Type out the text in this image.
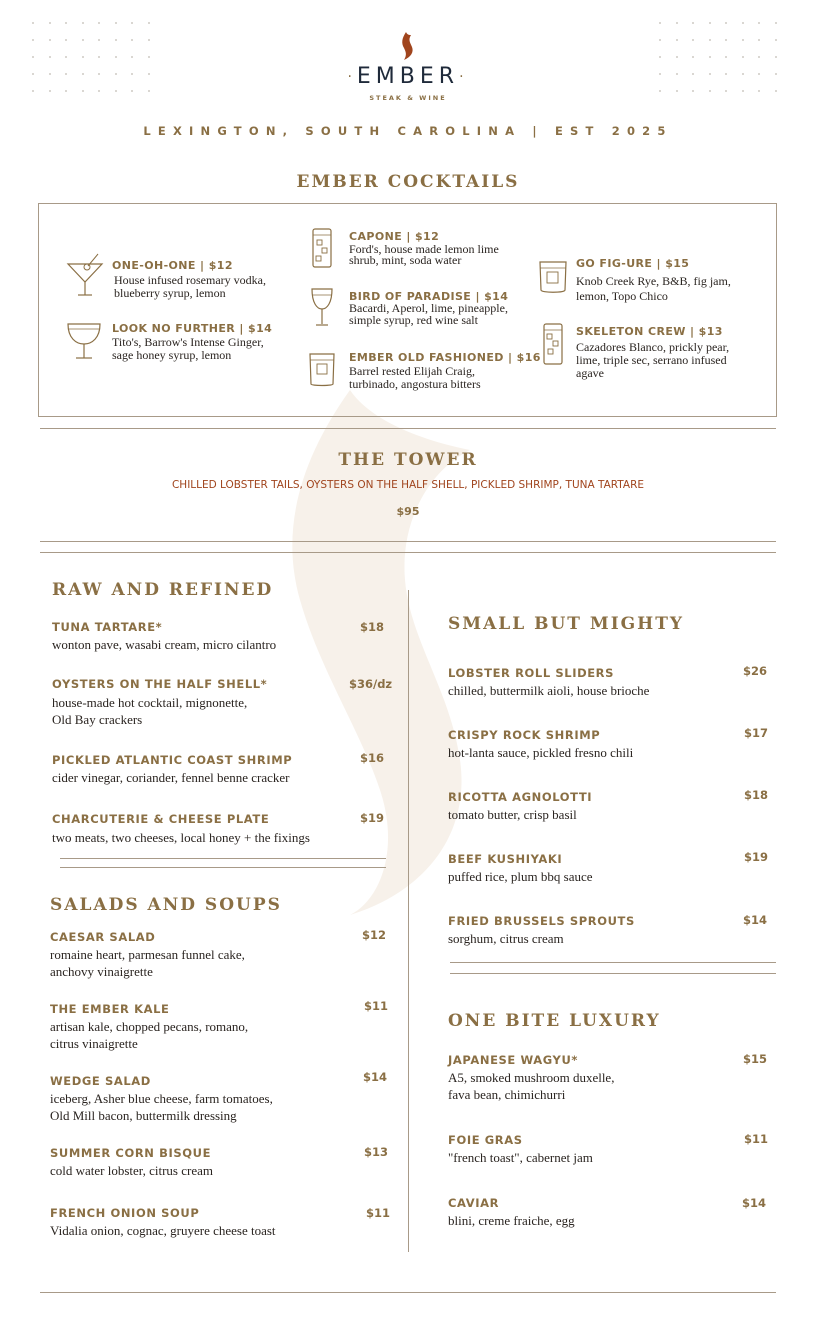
·EMBER·
STEAK & WINE
LEXINGTON, SOUTH CAROLINA | EST 2025
EMBER COCKTAILS
ONE-OH-ONE | $12
House infused rosemary vodka, blueberry syrup, lemon
LOOK NO FURTHER | $14
Tito's, Barrow's Intense Ginger, sage honey syrup, lemon
CAPONE | $12
Ford's, house made lemon lime shrub, mint, soda water
BIRD OF PARADISE | $14
Bacardi, Aperol, lime, pineapple, simple syrup, red wine salt
EMBER OLD FASHIONED | $16
Barrel rested Elijah Craig, turbinado, angostura bitters
GO FIG-URE | $15
Knob Creek Rye, B&B, fig jam, lemon, Topo Chico
SKELETON CREW | $13
Cazadores Blanco, prickly pear, lime, triple sec, serrano infused agave
THE TOWER
CHILLED LOBSTER TAILS, OYSTERS ON THE HALF SHELL, PICKLED SHRIMP, TUNA TARTARE
$95
RAW AND REFINED
TUNA TARTARE*	$18
wonton pave, wasabi cream, micro cilantro
OYSTERS ON THE HALF SHELL*	$36/dz
house-made hot cocktail, mignonette,
Old Bay crackers
PICKLED ATLANTIC COAST SHRIMP	$16
cider vinegar, coriander, fennel benne cracker
CHARCUTERIE & CHEESE PLATE	$19
two meats, two cheeses, local honey + the fixings
SALADS AND SOUPS
CAESAR SALAD	$12
romaine heart, parmesan funnel cake,
anchovy vinaigrette
THE EMBER KALE	$11
artisan kale, chopped pecans, romano,
citrus vinaigrette
WEDGE SALAD	$14
iceberg, Asher blue cheese, farm tomatoes,
Old Mill bacon, buttermilk dressing
SUMMER CORN BISQUE	$13
cold water lobster, citrus cream
FRENCH ONION SOUP	$11
Vidalia onion, cognac, gruyere cheese toast
SMALL BUT MIGHTY
LOBSTER ROLL SLIDERS	$26
chilled, buttermilk aioli, house brioche
CRISPY ROCK SHRIMP	$17
hot-lanta sauce, pickled fresno chili
RICOTTA AGNOLOTTI	$18
tomato butter, crisp basil
BEEF KUSHIYAKI	$19
puffed rice, plum bbq sauce
FRIED BRUSSELS SPROUTS	$14
sorghum, citrus cream
ONE BITE LUXURY
JAPANESE WAGYU*	$15
A5, smoked mushroom duxelle,
fava bean, chimichurri
FOIE GRAS	$11
"french toast", cabernet jam
CAVIAR	$14
blini, creme fraiche, egg
